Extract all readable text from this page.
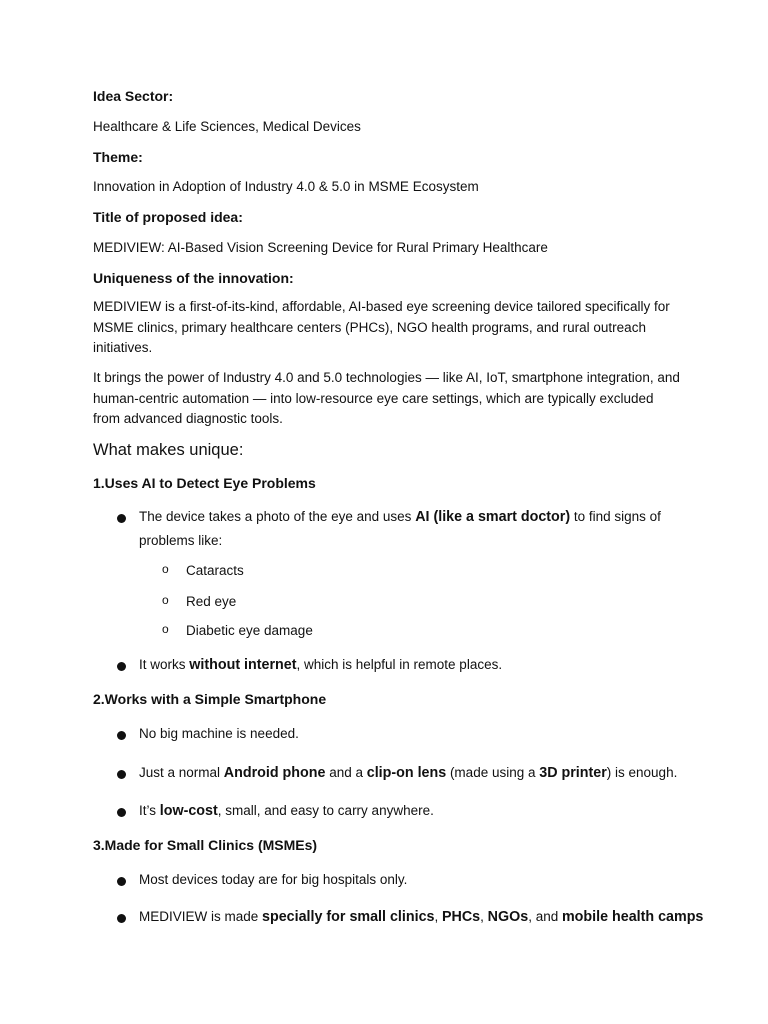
Idea Sector:
Healthcare & Life Sciences, Medical Devices
Theme:
Innovation in Adoption of Industry 4.0 & 5.0 in MSME Ecosystem
Title of proposed idea:
MEDIVIEW: AI-Based Vision Screening Device for Rural Primary Healthcare
Uniqueness of the innovation:
MEDIVIEW is a first-of-its-kind, affordable, AI-based eye screening device tailored specifically for MSME clinics, primary healthcare centers (PHCs), NGO health programs, and rural outreach initiatives.
It brings the power of Industry 4.0 and 5.0 technologies — like AI, IoT, smartphone integration, and human-centric automation — into low-resource eye care settings, which are typically excluded from advanced diagnostic tools.
What makes unique:
1.Uses AI to Detect Eye Problems
The device takes a photo of the eye and uses AI (like a smart doctor) to find signs of
problems like:
o Cataracts
o Red eye
o Diabetic eye damage
It works without internet, which is helpful in remote places.
2.Works with a Simple Smartphone
No big machine is needed.
Just a normal Android phone and a clip-on lens (made using a 3D printer) is enough.
It’s low-cost, small, and easy to carry anywhere.
3.Made for Small Clinics (MSMEs)
Most devices today are for big hospitals only.
MEDIVIEW is made specially for small clinics, PHCs, NGOs, and mobile health camps
